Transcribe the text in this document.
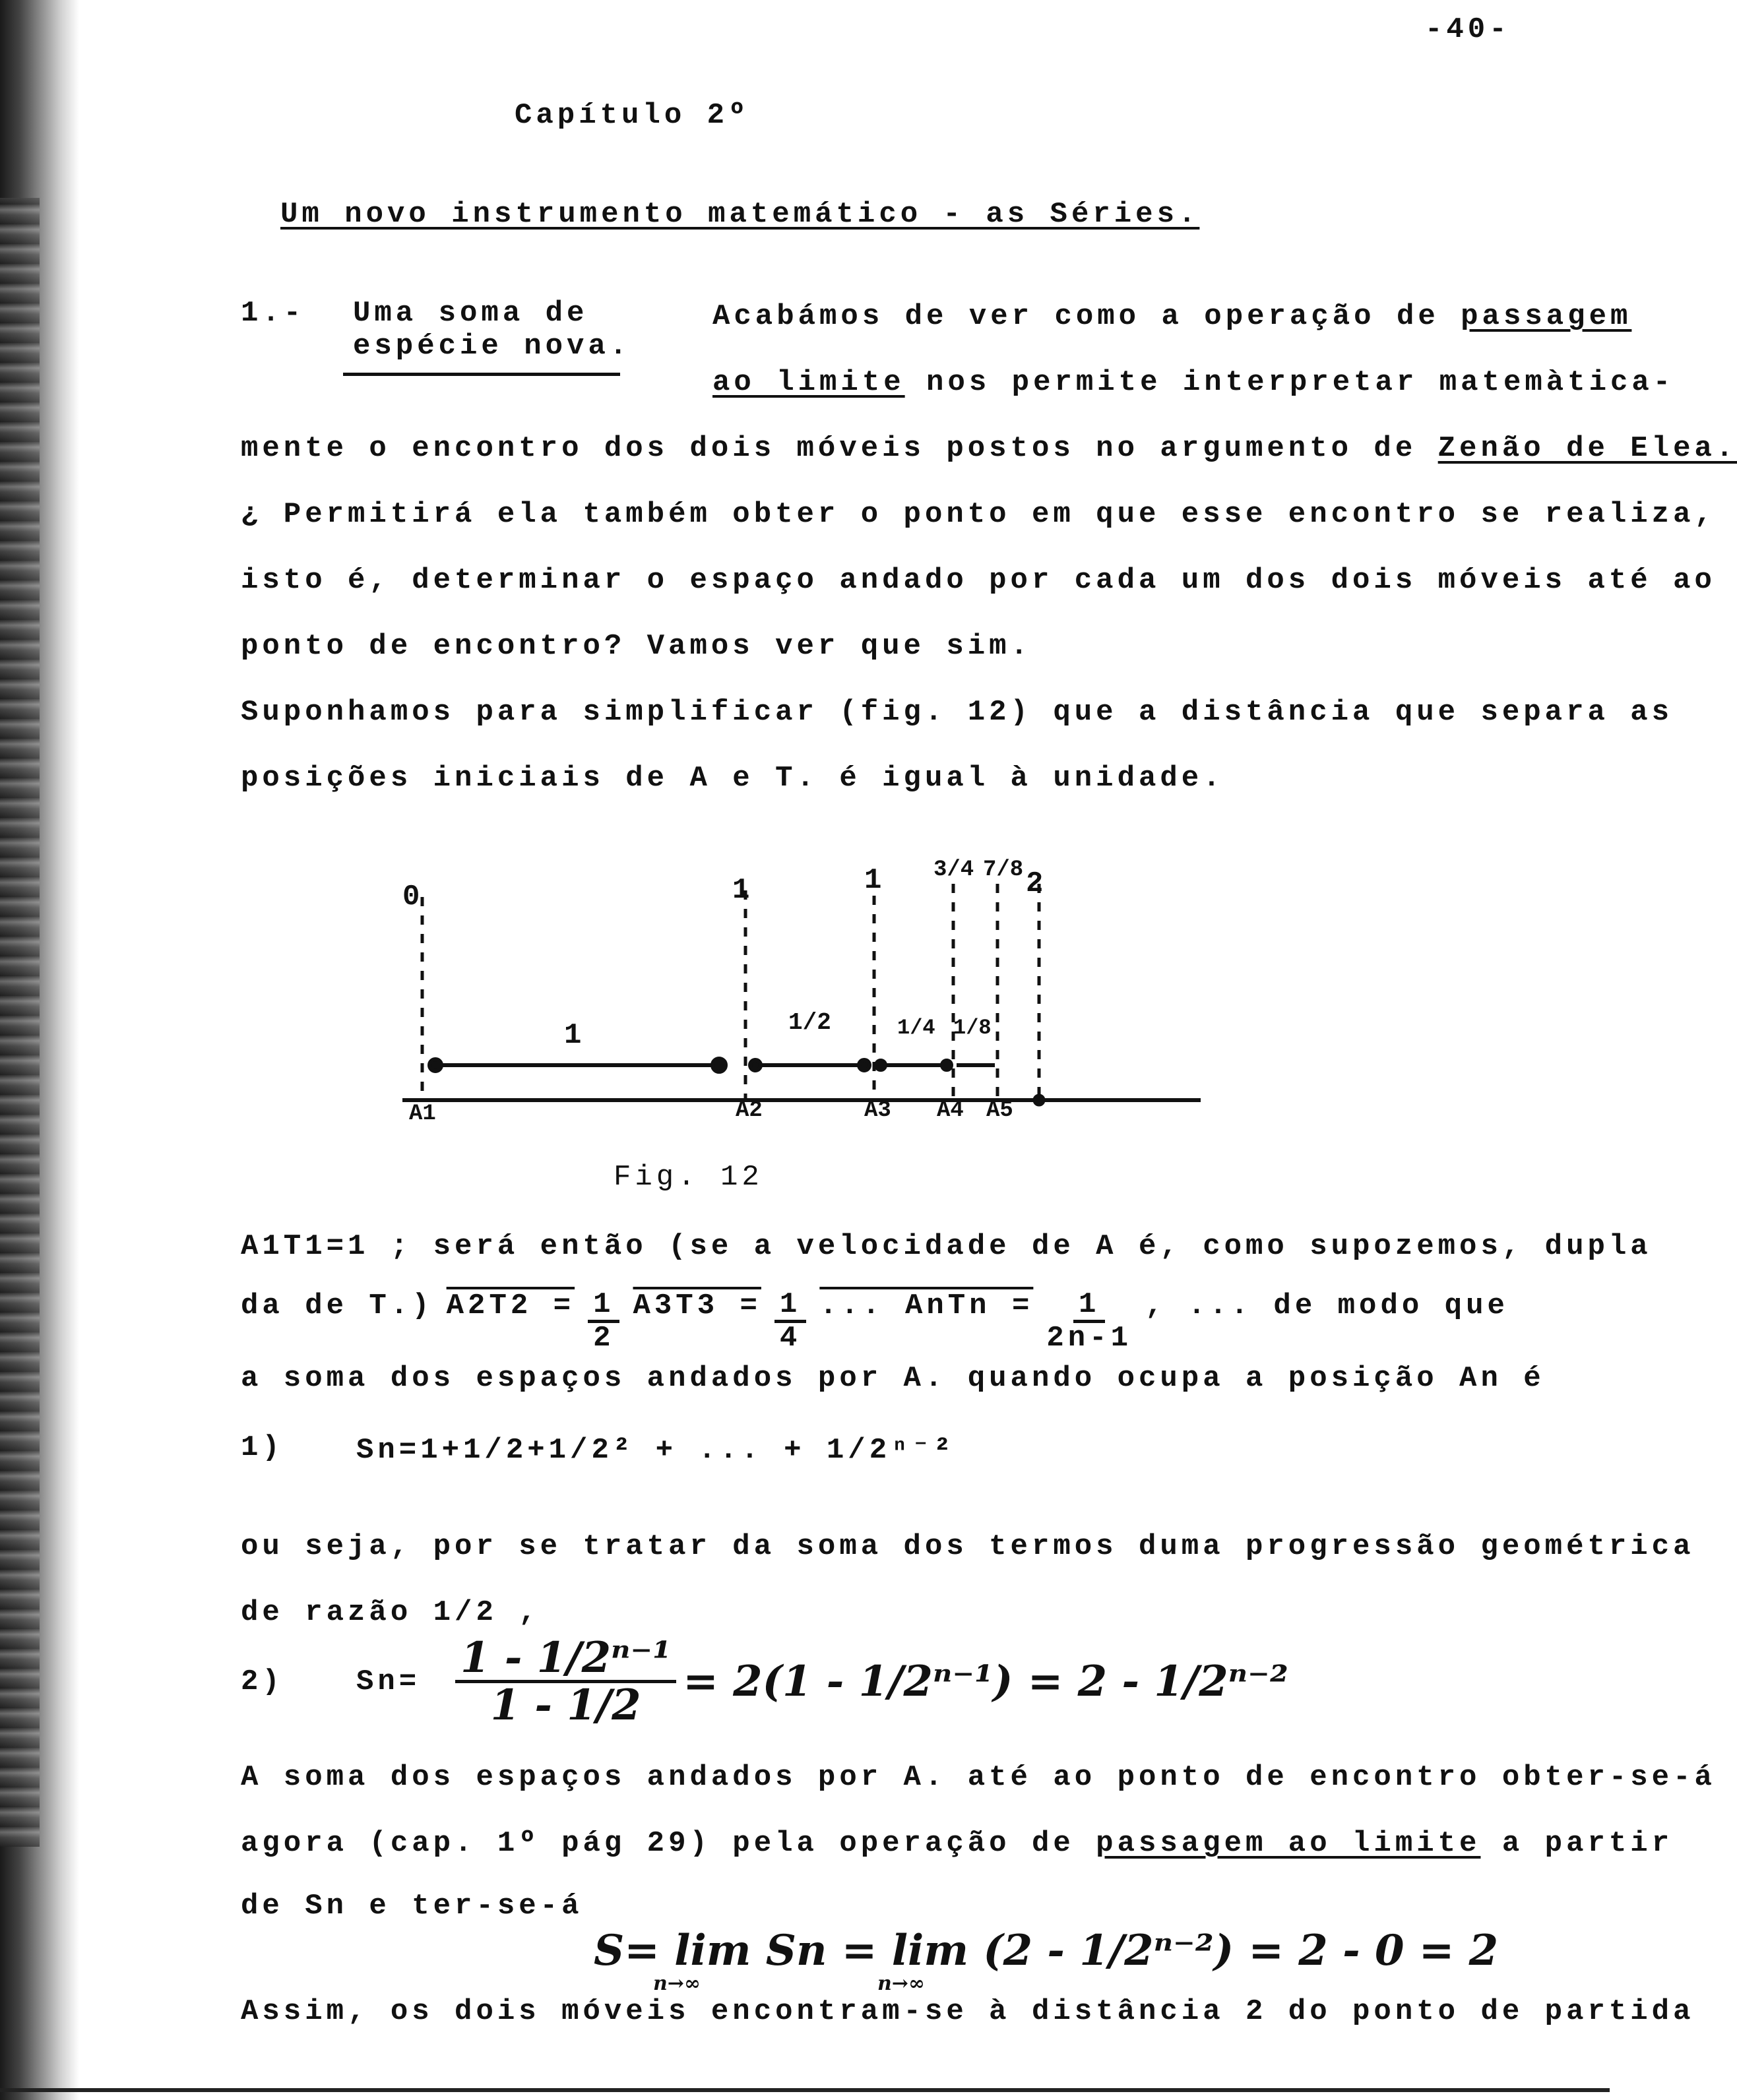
-40-
Capítulo 2º
Um novo instrumento matemático - as Séries.
1.- Uma soma de
espécie nova.
Acabámos de ver como a operação de passagem
ao limite nos permite interpretar matemàtica-
mente o encontro dos dois móveis postos no argumento de Zenão de Elea.
¿ Permitirá ela também obter o ponto em que esse encontro se realiza,
isto é, determinar o espaço andado por cada um dos dois móveis até ao
ponto de encontro? Vamos ver que sim.
Suponhamos para simplificar (fig. 12) que a distância que separa as
posições iniciais de A e T. é igual à unidade.
0	1	1 3/4 7/8 2
1	1/2	1/4 1/8
A1	A2	A3 A4 A5
Fig. 12
A1T1=1 ; será então (se a velocidade de A é, como supozemos, dupla
da de T.) $A2T2 = \frac{1}{2} A3T3 = \frac{1}{4}$ ... AnTn = $\frac{1}{2n-1}$ , ... de modo que
a soma dos espaços andados por A. quando ocupa a posição An é
1)	Sn=1+1/2+1/2² + ... + 1/2ⁿ⁻²
ou seja, por se tratar da soma dos termos duma progressão geométrica
de razão 1/2 ,
2)	$Sn= \frac{\text{1 - 1/2ⁿ⁻¹}}{1 - 1/2} = 2(1 - 1/2^{n-1}) = 2 - 1/2^{n-2}$
A soma dos espaços andados por A. até ao ponto de encontro obter-se-á
agora (cap. 1º pág 29) pela operação de passagem ao limite a partir
de Sn e ter-se-á
S= lim Sn = lim (2 - 1/2ⁿ⁻²) = 2 - 0 = 2
n→∞	n→∞
Assim, os dois móveis encontram-se à distância 2 do ponto de partida
